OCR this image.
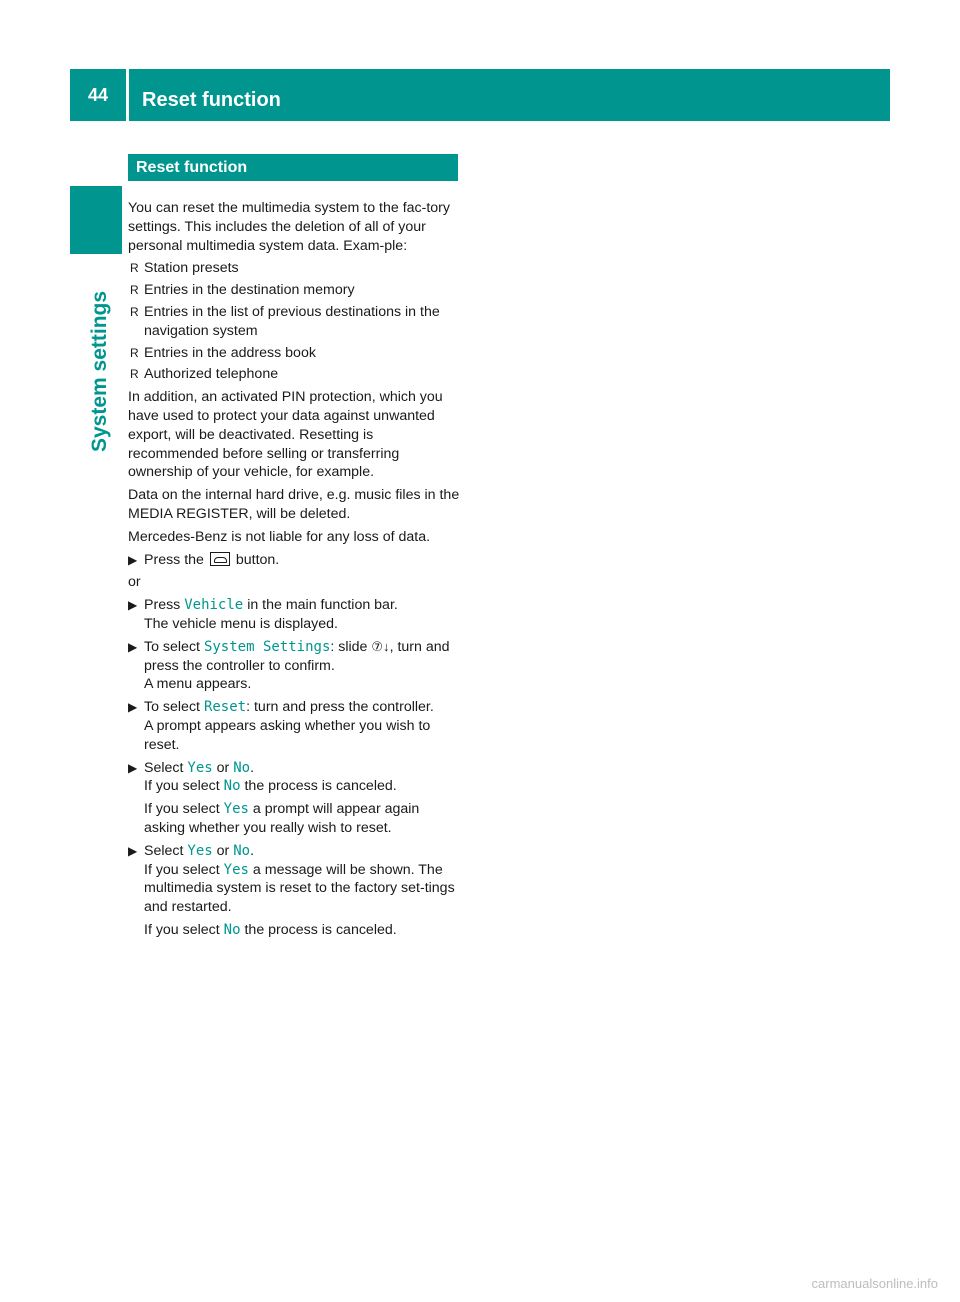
44	Reset function
System settings
Reset function

You can reset the multimedia system to the fac-tory settings. This includes the deletion of all of your personal multimedia system data. Exam-ple:

R Station presets
R Entries in the destination memory
R Entries in the list of previous destinations in the navigation system
R Entries in the address book
R Authorized telephone

In addition, an activated PIN protection, which you have used to protect your data against unwanted export, will be deactivated. Resetting is recommended before selling or transferring ownership of your vehicle, for example.

Data on the internal hard drive, e.g. music files in the MEDIA REGISTER, will be deleted.

Mercedes-Benz is not liable for any loss of data.

▶ Press the button.

or

▶ Press Vehicle in the main function bar.
The vehicle menu is displayed.
▶ To select System Settings: slide ⑦↓, turn and press the controller to confirm.
A menu appears.
▶ To select Reset: turn and press the controller.
A prompt appears asking whether you wish to reset.
▶ Select Yes or No.
If you select No the process is canceled.

If you select Yes a prompt will appear again asking whether you really wish to reset.

▶ Select Yes or No.
If you select Yes a message will be shown. The multimedia system is reset to the factory set-tings and restarted.

If you select No the process is canceled.

carmanualsonline.info
